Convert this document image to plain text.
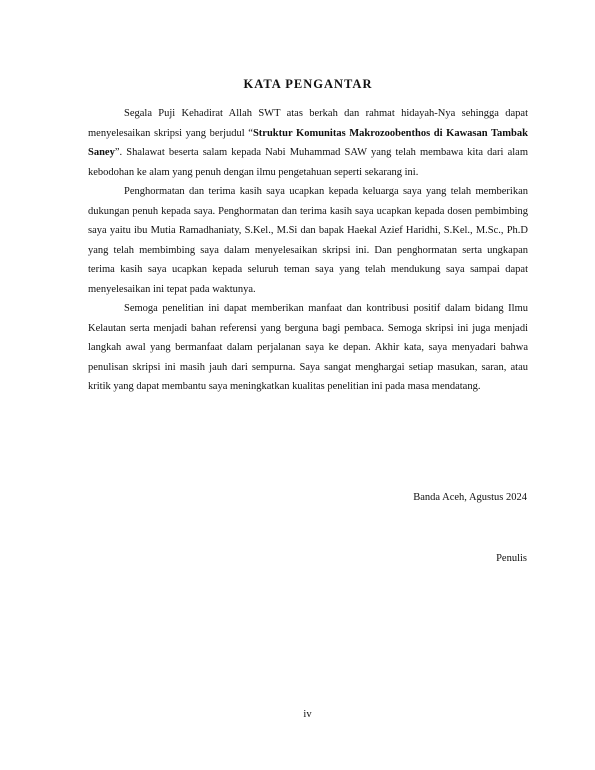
KATA PENGANTAR

Segala Puji Kehadirat Allah SWT atas berkah dan rahmat hidayah-Nya sehingga dapat menyelesaikan skripsi yang berjudul “Struktur Komunitas Makrozoobenthos di Kawasan Tambak Saney”. Shalawat beserta salam kepada Nabi Muhammad SAW yang telah membawa kita dari alam kebodohan ke alam yang penuh dengan ilmu pengetahuan seperti sekarang ini.

Penghormatan dan terima kasih saya ucapkan kepada keluarga saya yang telah memberikan dukungan penuh kepada saya. Penghormatan dan terima kasih saya ucapkan kepada dosen pembimbing saya yaitu ibu Mutia Ramadhaniaty, S.Kel., M.Si dan bapak Haekal Azief Haridhi, S.Kel., M.Sc., Ph.D yang telah membimbing saya dalam menyelesaikan skripsi ini. Dan penghormatan serta ungkapan terima kasih saya ucapkan kepada seluruh teman saya yang telah mendukung saya sampai dapat menyelesaikan ini tepat pada waktunya.

Semoga penelitian ini dapat memberikan manfaat dan kontribusi positif dalam bidang Ilmu Kelautan serta menjadi bahan referensi yang berguna bagi pembaca. Semoga skripsi ini juga menjadi langkah awal yang bermanfaat dalam perjalanan saya ke depan. Akhir kata, saya menyadari bahwa penulisan skripsi ini masih jauh dari sempurna. Saya sangat menghargai setiap masukan, saran, atau kritik yang dapat membantu saya meningkatkan kualitas penelitian ini pada masa mendatang.

Banda Aceh, Agustus 2024
Penulis
iv
